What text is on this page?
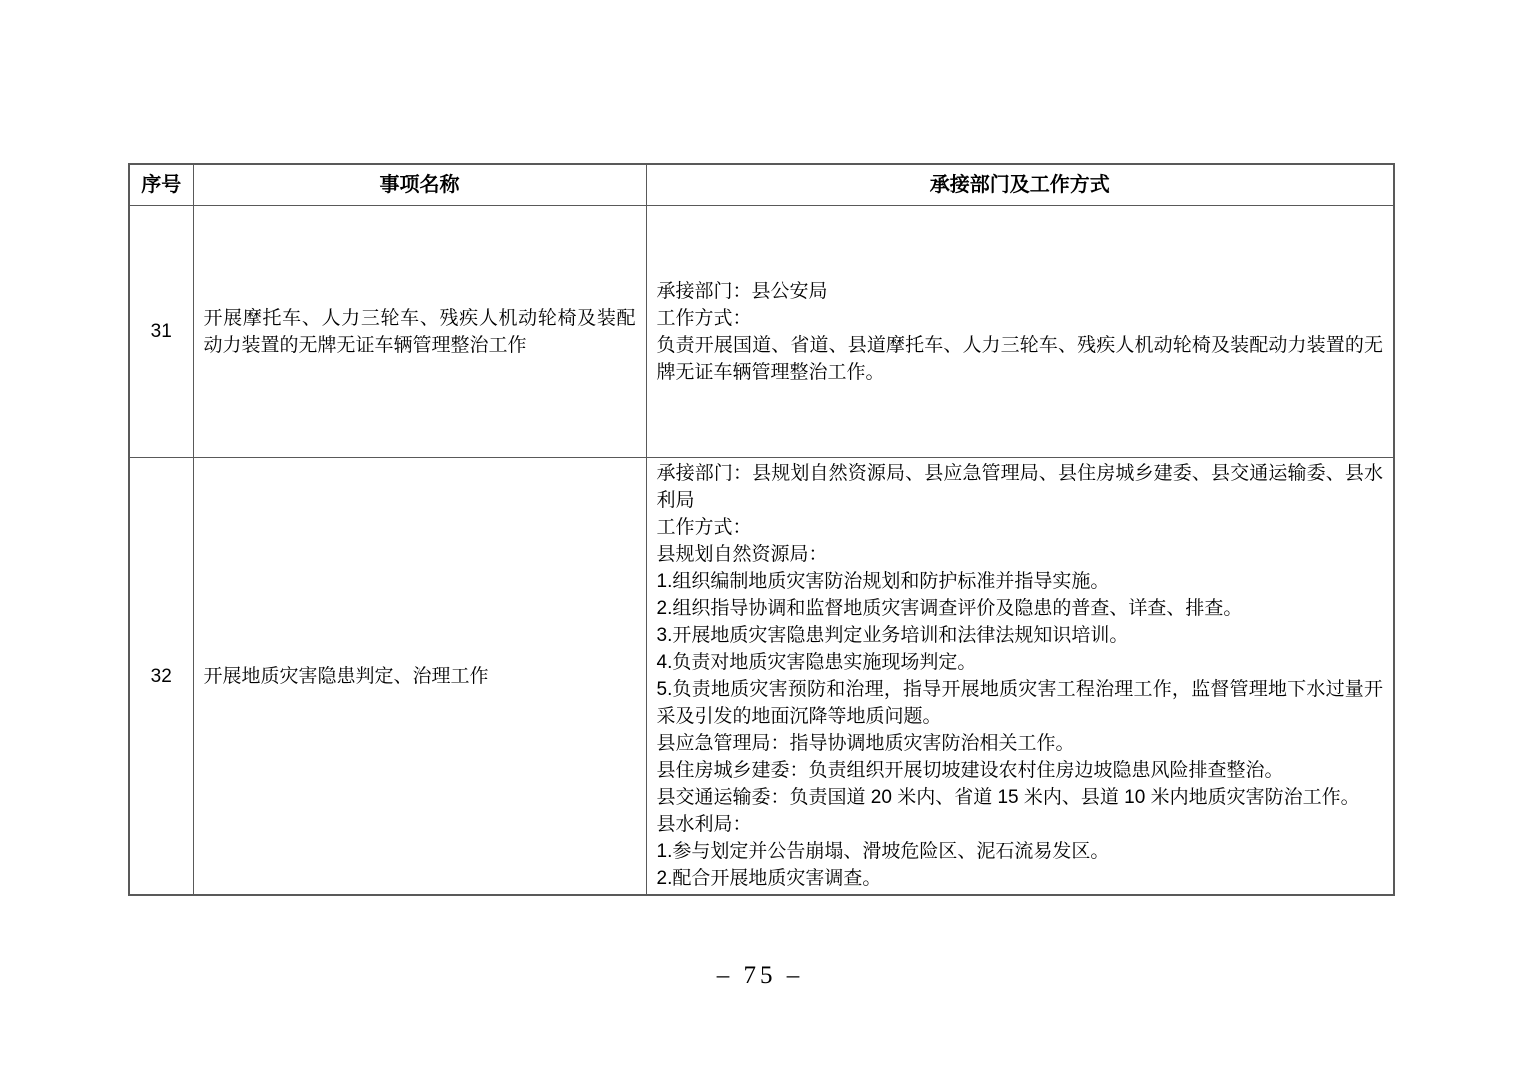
序号	事项名称	承接部门及工作方式
31	开展摩托车、人力三轮车、残疾人机动轮椅及装配动力装置的无牌无证车辆管理整治工作	承接部门：县公安局
工作方式：
负责开展国道、省道、县道摩托车、人力三轮车、残疾人机动轮椅及装配动力装置的无牌无证车辆管理整治工作。

32	开展地质灾害隐患判定、治理工作	
承接部门：县规划自然资源局、县应急管理局、县住房城乡建委、县交通运输委、县水利局
工作方式：
县规划自然资源局：
1.组织编制地质灾害防治规划和防护标准并指导实施。
2.组织指导协调和监督地质灾害调查评价及隐患的普查、详查、排查。
3.开展地质灾害隐患判定业务培训和法律法规知识培训。
4.负责对地质灾害隐患实施现场判定。
5.负责地质灾害预防和治理，指导开展地质灾害工程治理工作，监督管理地下水过量开采及引发的地面沉降等地质问题。
县应急管理局：指导协调地质灾害防治相关工作。
县住房城乡建委：负责组织开展切坡建设农村住房边坡隐患风险排查整治。
县交通运输委：负责国道 20 米内、省道 15 米内、县道 10 米内地质灾害防治工作。
县水利局：
1.参与划定并公告崩塌、滑坡危险区、泥石流易发区。
2.配合开展地质灾害调查。
– 75 –
